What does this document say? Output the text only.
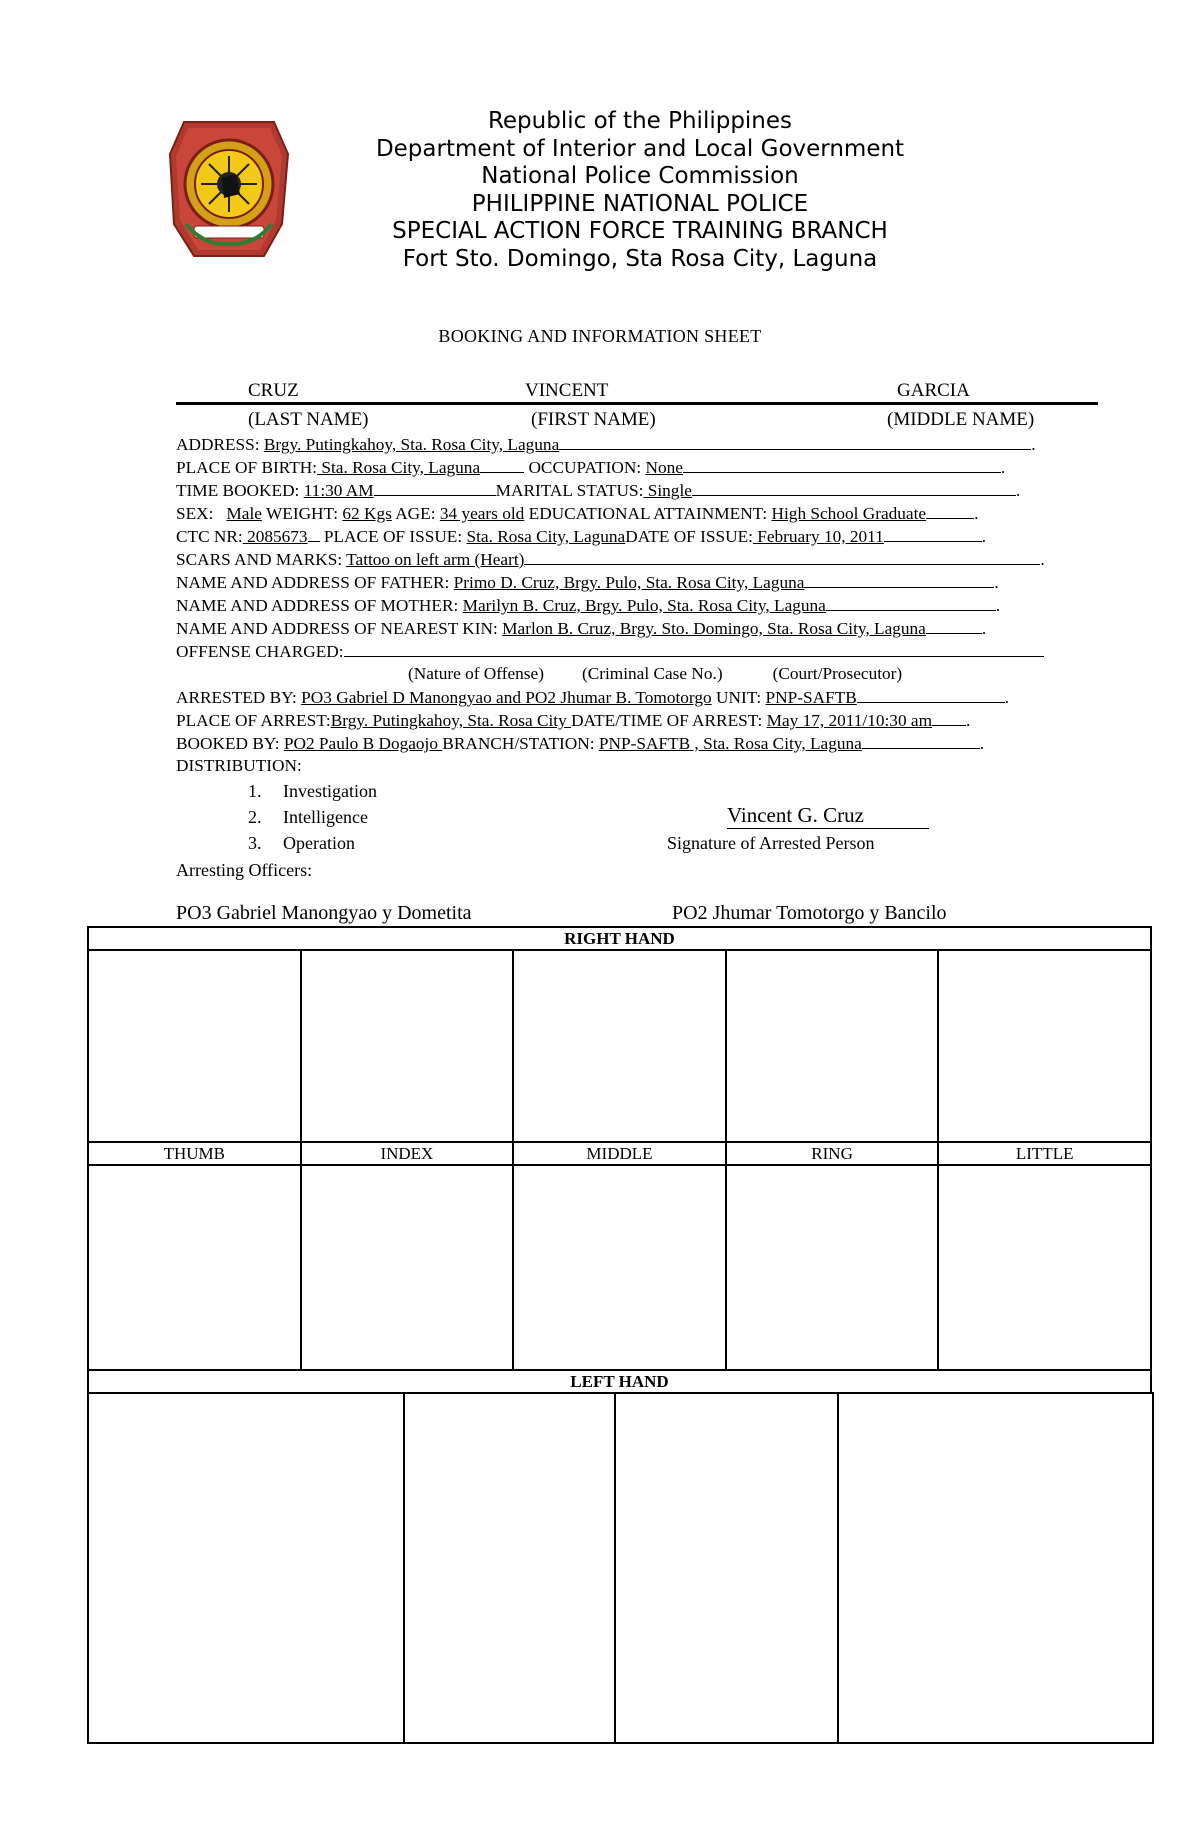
Republic of the Philippines
Department of Interior and Local Government
National Police Commission
PHILIPPINE NATIONAL POLICE
SPECIAL ACTION FORCE TRAINING BRANCH
Fort Sto. Domingo, Sta Rosa City, Laguna
BOOKING AND INFORMATION SHEET
CRUZ	VINCENT	GARCIA
(LAST NAME)	(FIRST NAME)	(MIDDLE NAME)
ADDRESS: Brgy. Putingkahoy, Sta. Rosa City, Laguna	.
PLACE OF BIRTH: Sta. Rosa City, Laguna	OCCUPATION: None	.
TIME BOOKED: 11:30 AM	MARITAL STATUS: Single	.
SEX: Male WEIGHT: 62 Kgs AGE: 34 years old EDUCATIONAL ATTAINMENT: High School Graduate	.
CTC NR: 2085673 PLACE OF ISSUE: Sta. Rosa City, LagunaDATE OF ISSUE: February 10, 2011	.
SCARS AND MARKS: Tattoo on left arm (Heart)	.
NAME AND ADDRESS OF FATHER: Primo D. Cruz, Brgy. Pulo, Sta. Rosa City, Laguna	.
NAME AND ADDRESS OF MOTHER: Marilyn B. Cruz, Brgy. Pulo, Sta. Rosa City, Laguna	.
NAME AND ADDRESS OF NEAREST KIN: Marlon B. Cruz, Brgy. Sto. Domingo, Sta. Rosa City, Laguna	.
OFFENSE CHARGED:
(Nature of Offense) (Criminal Case No.)	(Court/Prosecutor)
ARRESTED BY: PO3 Gabriel D Manongyao and PO2 Jhumar B. Tomotorgo UNIT: PNP-SAFTB	.
PLACE OF ARREST:Brgy. Putingkahoy, Sta. Rosa City DATE/TIME OF ARREST: May 17, 2011/10:30 am .
BOOKED BY: PO2 Paulo B Dogaojo BRANCH/STATION: PNP-SAFTB , Sta. Rosa City, Laguna	.
DISTRIBUTION:
1. Investigation
2. Intelligence
3. Operation
Vincent G. Cruz
Signature of Arrested Person
Arresting Officers:
PO3 Gabriel Manongyao y Dometita	PO2 Jhumar Tomotorgo y Bancilo
RIGHT HAND				

THUMB	INDEX	MIDDLE	RING	LITTLE

LEFT HAND				
